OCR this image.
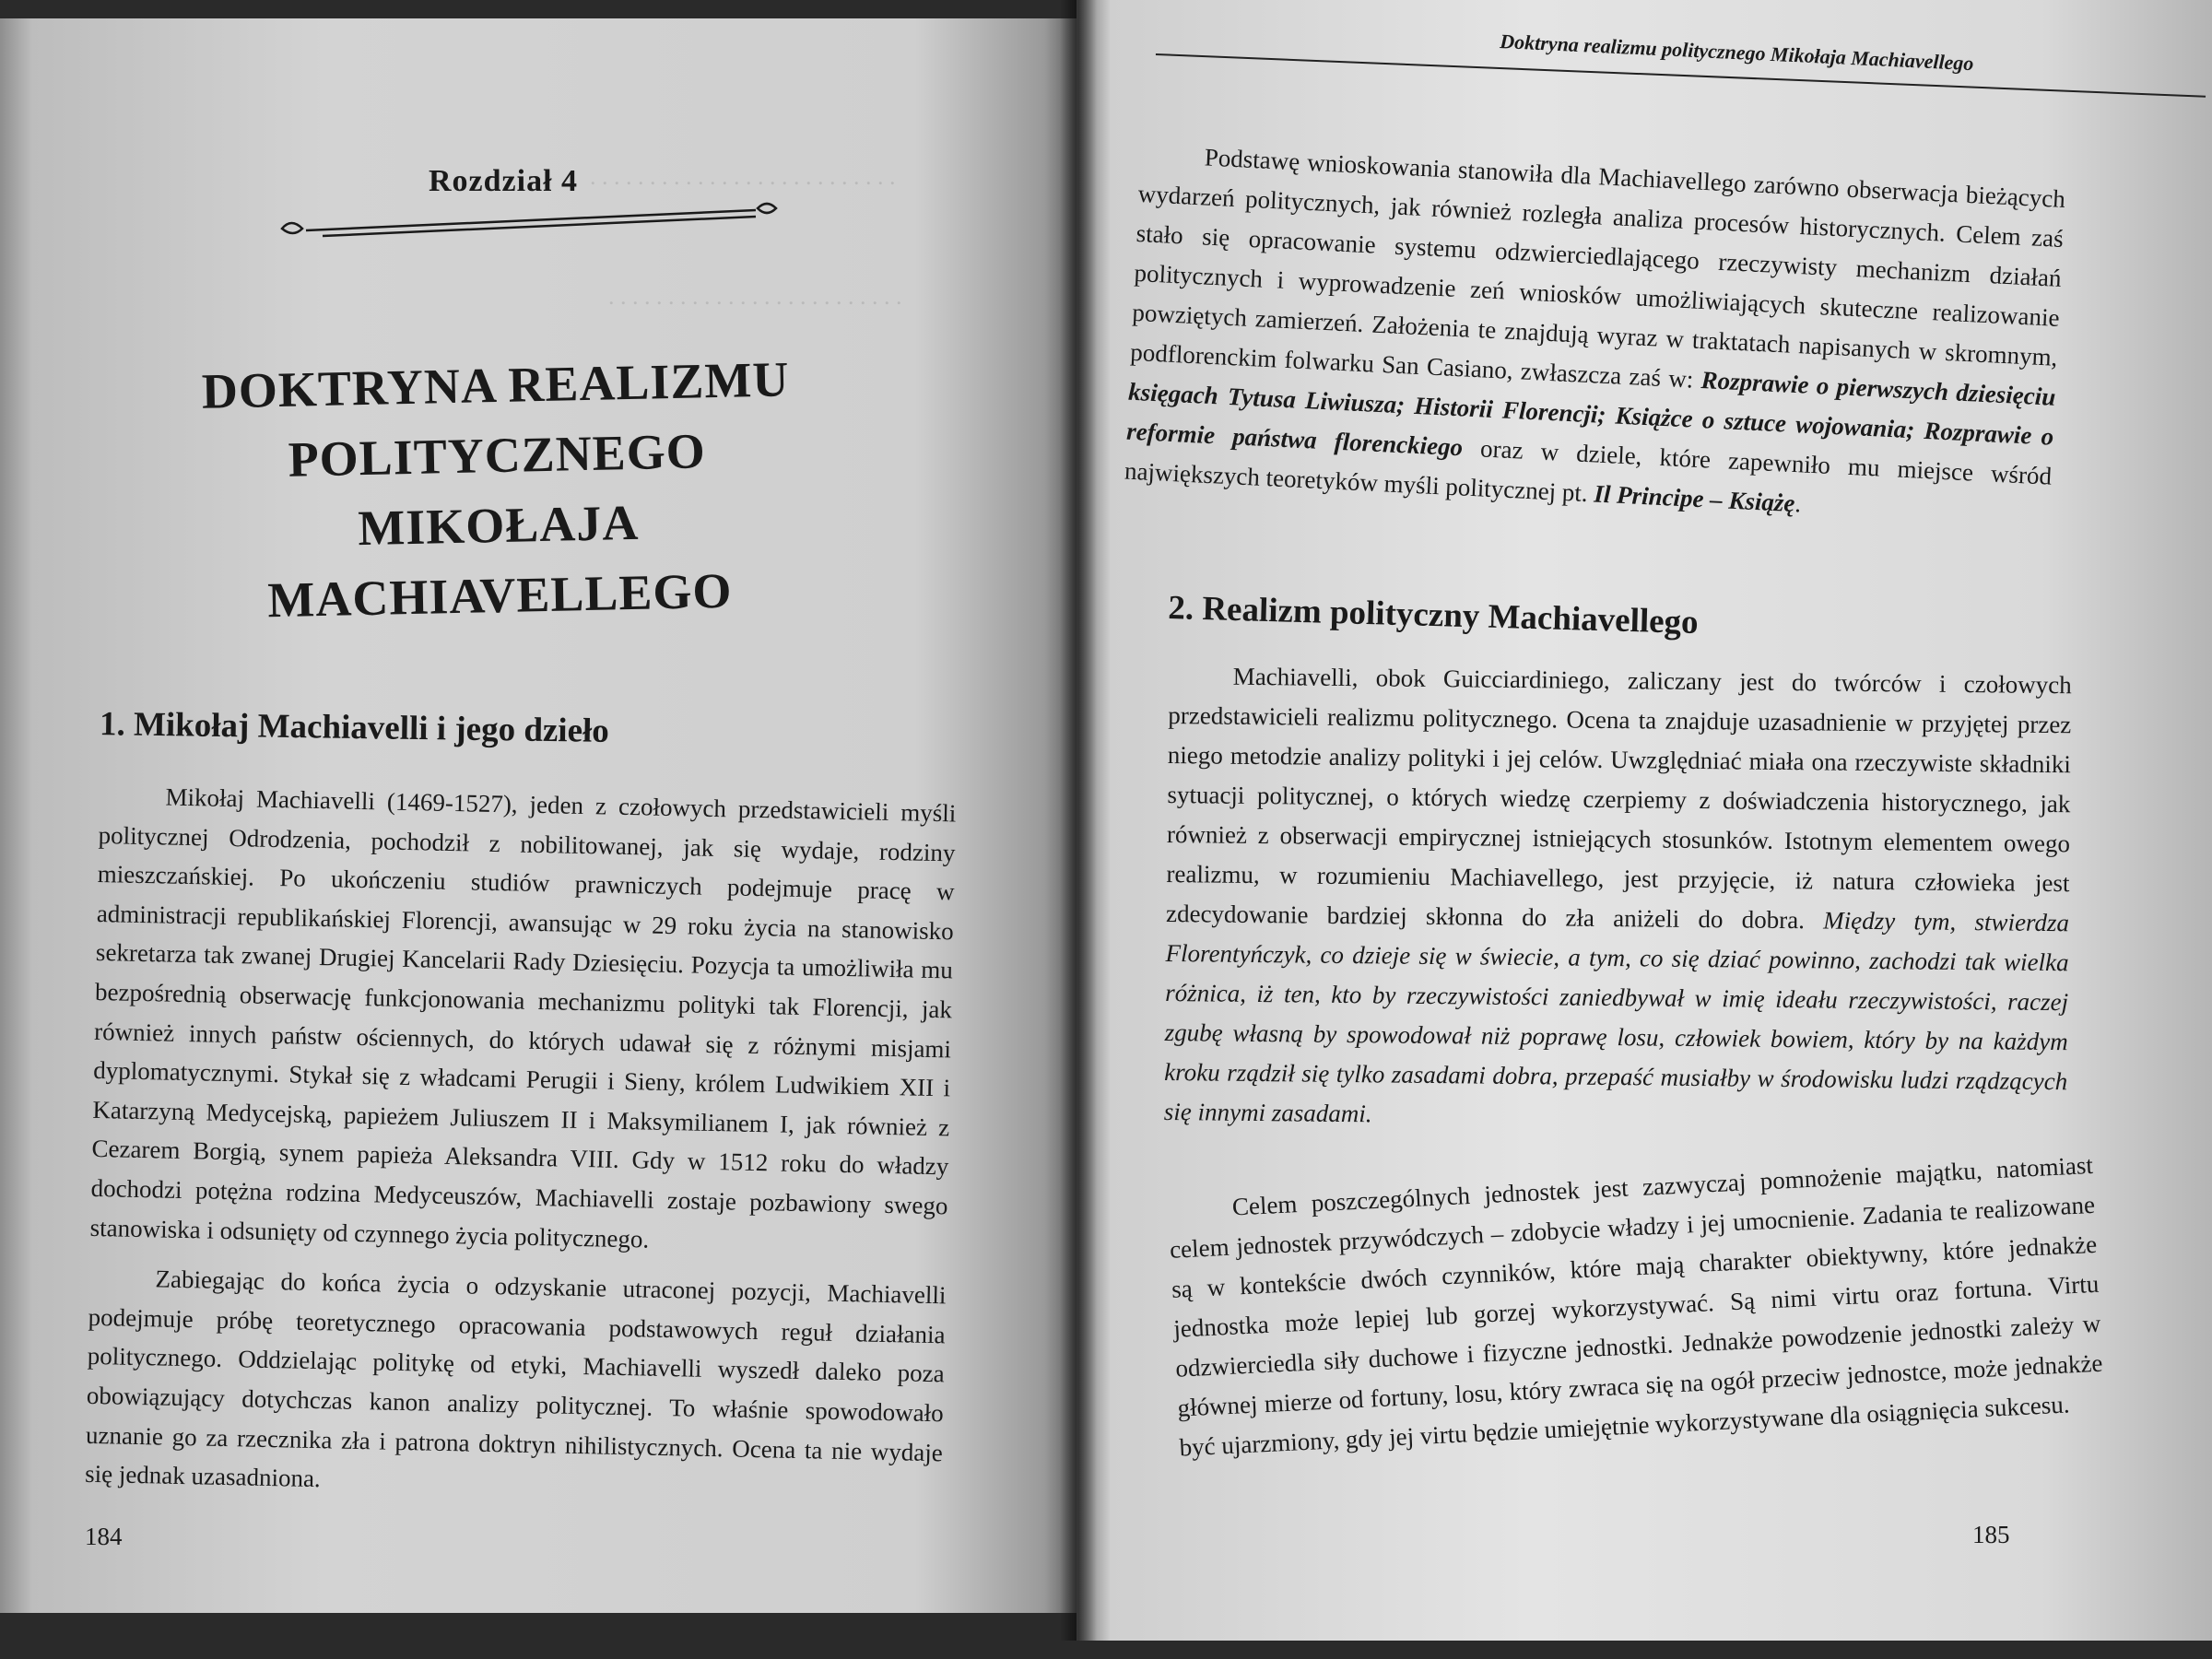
. . . . . . . . . . . . . . . . . . . . . . . . . .
. . . . . . . . . . . . . . . . . . . . . . . . .
Rozdział 4
DOKTRYNA REALIZMU
POLITYCZNEGO MIKOŁAJA
MACHIAVELLEGO
1. Mikołaj Machiavelli i jego dzieło

Mikołaj Machiavelli (1469-1527), jeden z czołowych przedstawicieli myśli politycznej Odrodzenia, pochodził z nobilitowanej, jak się wydaje, rodziny mieszczańskiej. Po ukończeniu studiów prawniczych podejmuje pracę w administracji republikańskiej Florencji, awansując w 29 roku życia na stanowisko sekretarza tak zwanej Drugiej Kancelarii Rady Dziesięciu. Pozycja ta umożliwiła mu bezpośrednią obserwację funkcjonowania mechanizmu polityki tak Florencji, jak również innych państw ościennych, do których udawał się z różnymi misjami dyplomatycznymi. Stykał się z władcami Perugii i Sieny, królem Ludwikiem XII i Katarzyną Medycejską, papieżem Juliuszem II i Maksymilianem I, jak również z Cezarem Borgią, synem papieża Aleksandra VIII. Gdy w 1512 roku do władzy dochodzi potężna rodzina Medyceuszów, Machiavelli zostaje pozbawiony swego stanowiska i odsunięty od czynnego życia politycznego.

Zabiegając do końca życia o odzyskanie utraconej pozycji, Machiavelli podejmuje próbę teoretycznego opracowania podstawowych reguł działania politycznego. Oddzielając politykę od etyki, Machiavelli wyszedł daleko poza obowiązujący dotychczas kanon analizy politycznej. To właśnie spowodowało uznanie go za rzecznika zła i patrona doktryn nihilistycznych. Ocena ta nie wydaje się jednak uzasadniona.

184
Doktryna realizmu politycznego Mikołaja Machiavellego

Podstawę wnioskowania stanowiła dla Machiavellego zarówno obserwacja bieżących wydarzeń politycznych, jak również rozległa analiza procesów historycznych. Celem zaś stało się opracowanie systemu odzwierciedlającego rzeczywisty mechanizm działań politycznych i wyprowadzenie zeń wniosków umożliwiających skuteczne realizowanie powziętych zamierzeń. Założenia te znajdują wyraz w traktatach napisanych w skromnym, podflorenckim folwarku San Casiano, zwłaszcza zaś w: Rozprawie o pierwszych dziesięciu księgach Tytusa Liwiusza; Historii Florencji; Książce o sztuce wojowania; Rozprawie o reformie państwa florenckiego oraz w dziele, które zapewniło mu miejsce wśród największych teoretyków myśli politycznej pt. Il Principe – Książę.

2. Realizm polityczny Machiavellego

Machiavelli, obok Guicciardiniego, zaliczany jest do twórców i czołowych przedstawicieli realizmu politycznego. Ocena ta znajduje uzasadnienie w przyjętej przez niego metodzie analizy polityki i jej celów. Uwzględniać miała ona rzeczywiste składniki sytuacji politycznej, o których wiedzę czerpiemy z doświadczenia historycznego, jak również z obserwacji empirycznej istniejących stosunków. Istotnym elementem owego realizmu, w rozumieniu Machiavellego, jest przyjęcie, iż natura człowieka jest zdecydowanie bardziej skłonna do zła aniżeli do dobra. Między tym, stwierdza Florentyńczyk, co dzieje się w świecie, a tym, co się dziać powinno, zachodzi tak wielka różnica, iż ten, kto by rzeczywistości zaniedbywał w imię ideału rzeczywistości, raczej zgubę własną by spowodował niż poprawę losu, człowiek bowiem, który by na każdym kroku rządził się tylko zasadami dobra, przepaść musiałby w środowisku ludzi rządzących się innymi zasadami.

Celem poszczególnych jednostek jest zazwyczaj pomnożenie majątku, natomiast celem jednostek przywódczych – zdobycie władzy i jej umocnienie. Zadania te realizowane są w kontekście dwóch czynników, które mają charakter obiektywny, które jednakże jednostka może lepiej lub gorzej wykorzystywać. Są nimi virtu oraz fortuna. Virtu odzwierciedla siły duchowe i fizyczne jednostki. Jednakże powodzenie jednostki zależy w głównej mierze od fortuny, losu, który zwraca się na ogół przeciw jednostce, może jednakże być ujarzmiony, gdy jej virtu będzie umiejętnie wykorzystywane dla osiągnięcia sukcesu.

185
